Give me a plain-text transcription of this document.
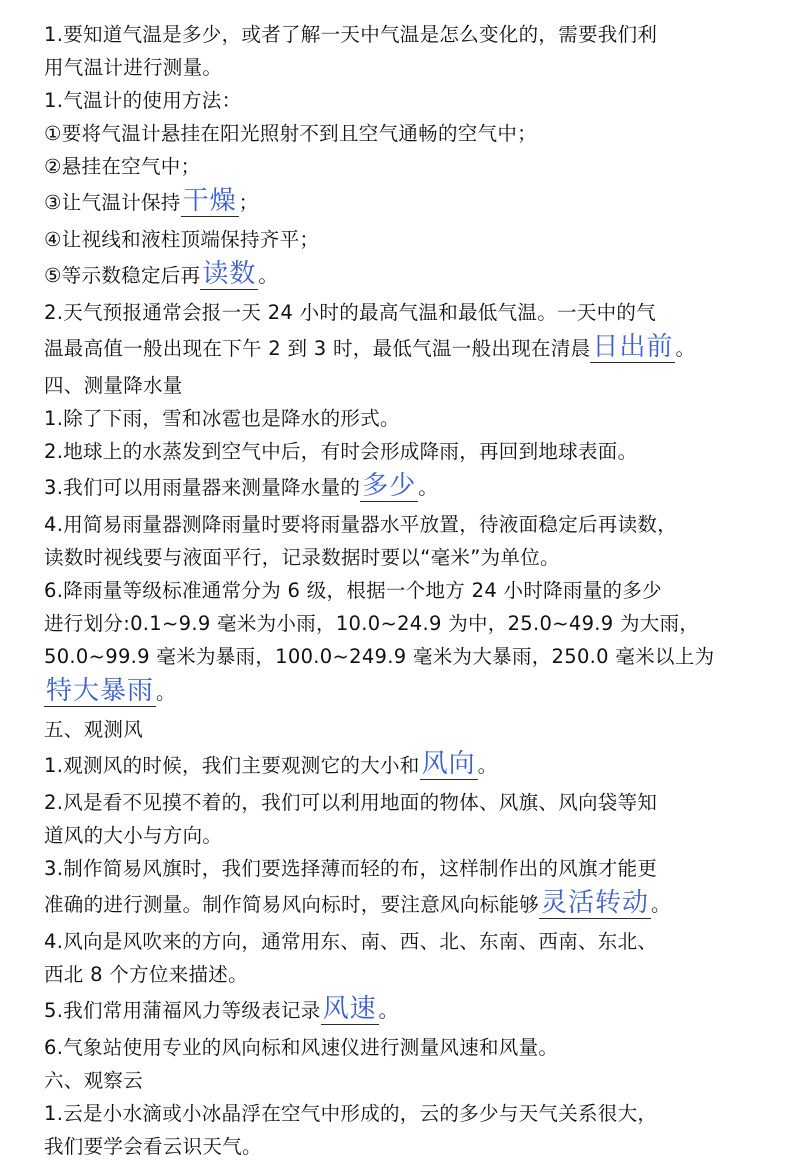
1.要知道气温是多少，或者了解一天中气温是怎么变化的，需要我们利
用气温计进行测量。
1.气温计的使用方法：
①要将气温计悬挂在阳光照射不到且空气通畅的空气中；
②悬挂在空气中；
③让气温计保持干燥 ；
④让视线和液柱顶端保持齐平；
⑤等示数稳定后再读数 。
2.天气预报通常会报一天 24 小时的最高气温和最低气温。一天中的气
温最高值一般出现在下午 2 到 3 时，最低气温一般出现在清晨日出前 。
四、测量降水量
1.除了下雨，雪和冰雹也是降水的形式。
2.地球上的水蒸发到空气中后，有时会形成降雨，再回到地球表面。
3.我们可以用雨量器来测量降水量的多少 。
4.用简易雨量器测降雨量时要将雨量器水平放置，待液面稳定后再读数，
读数时视线要与液面平行，记录数据时要以“毫米”为单位。
6.降雨量等级标准通常分为 6 级，根据一个地方 24 小时降雨量的多少
进行划分:0.1~9.9 毫米为小雨，10.0~24.9 为中，25.0~49.9 为大雨，
50.0~99.9 毫米为暴雨，100.0~249.9 毫米为大暴雨，250.0 毫米以上为
特大暴雨 。
五、观测风
1.观测风的时候，我们主要观测它的大小和风向 。
2.风是看不见摸不着的，我们可以利用地面的物体、风旗、风向袋等知
道风的大小与方向。
3.制作简易风旗时，我们要选择薄而轻的布，这样制作出的风旗才能更
准确的进行测量。制作简易风向标时，要注意风向标能够灵活转动 。
4.风向是风吹来的方向，通常用东、南、西、北、东南、西南、东北、
西北 8 个方位来描述。
5.我们常用蒲福风力等级表记录风速 。
6.气象站使用专业的风向标和风速仪进行测量风速和风量。
六、观察云
1.云是小水滴或小冰晶浮在空气中形成的，云的多少与天气关系很大，
我们要学会看云识天气。
